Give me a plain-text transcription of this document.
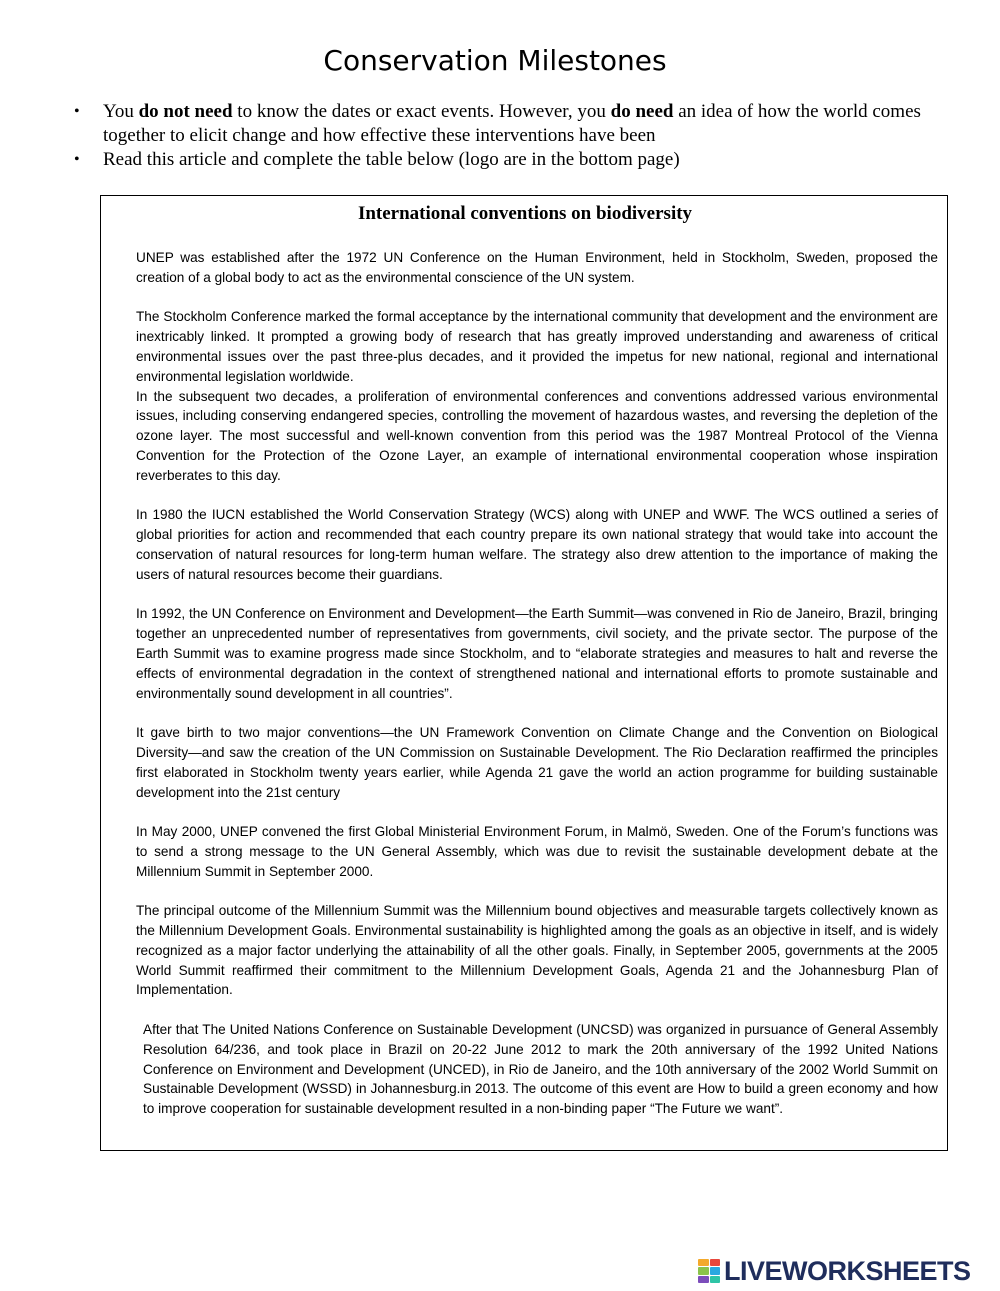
Conservation Milestones
• You do not need to know the dates or exact events. However, you do need an idea of how the world comes together to elicit change and how effective these interventions have been
• Read this article and complete the table below (logo are in the bottom page)
International conventions on biodiversity

UNEP was established after the 1972 UN Conference on the Human Environment, held in Stockholm, Sweden, proposed the creation of a global body to act as the environmental conscience of the UN system.

The Stockholm Conference marked the formal acceptance by the international community that development and the environment are inextricably linked. It prompted a growing body of research that has greatly improved understanding and awareness of critical environmental issues over the past three-plus decades, and it provided the impetus for new national, regional and international environmental legislation worldwide.

In the subsequent two decades, a proliferation of environmental conferences and conventions addressed various environmental issues, including conserving endangered species, controlling the movement of hazardous wastes, and reversing the depletion of the ozone layer. The most successful and well-known convention from this period was the 1987 Montreal Protocol of the Vienna Convention for the Protection of the Ozone Layer, an example of international environmental cooperation whose inspiration reverberates to this day.

In 1980 the IUCN established the World Conservation Strategy (WCS) along with UNEP and WWF. The WCS outlined a series of global priorities for action and recommended that each country prepare its own national strategy that would take into account the conservation of natural resources for long-term human welfare. The strategy also drew attention to the importance of making the users of natural resources become their guardians.

In 1992, the UN Conference on Environment and Development—the Earth Summit—was convened in Rio de Janeiro, Brazil, bringing together an unprecedented number of representatives from governments, civil society, and the private sector. The purpose of the Earth Summit was to examine progress made since Stockholm, and to “elaborate strategies and measures to halt and reverse the effects of environmental degradation in the context of strengthened national and international efforts to promote sustainable and environmentally sound development in all countries”.

It gave birth to two major conventions—the UN Framework Convention on Climate Change and the Convention on Biological Diversity—and saw the creation of the UN Commission on Sustainable Development. The Rio Declaration reaffirmed the principles first elaborated in Stockholm twenty years earlier, while Agenda 21 gave the world an action programme for building sustainable development into the 21st century

In May 2000, UNEP convened the first Global Ministerial Environment Forum, in Malmö, Sweden. One of the Forum’s functions was to send a strong message to the UN General Assembly, which was due to revisit the sustainable development debate at the Millennium Summit in September 2000.

The principal outcome of the Millennium Summit was the Millennium bound objectives and measurable targets collectively known as the Millennium Development Goals. Environmental sustainability is highlighted among the goals as an objective in itself, and is widely recognized as a major factor underlying the attainability of all the other goals. Finally, in September 2005, governments at the 2005 World Summit reaffirmed their commitment to the Millennium Development Goals, Agenda 21 and the Johannesburg Plan of Implementation.

After that The United Nations Conference on Sustainable Development (UNCSD) was organized in pursuance of General Assembly Resolution 64/236, and took place in Brazil on 20-22 June 2012 to mark the 20th anniversary of the 1992 United Nations Conference on Environment and Development (UNCED), in Rio de Janeiro, and the 10th anniversary of the 2002 World Summit on Sustainable Development (WSSD) in Johannesburg.in 2013. The outcome of this event are How to build a green economy and how to improve cooperation for sustainable development resulted in a non-binding paper “The Future we want”.

LIVEWORKSHEETS
